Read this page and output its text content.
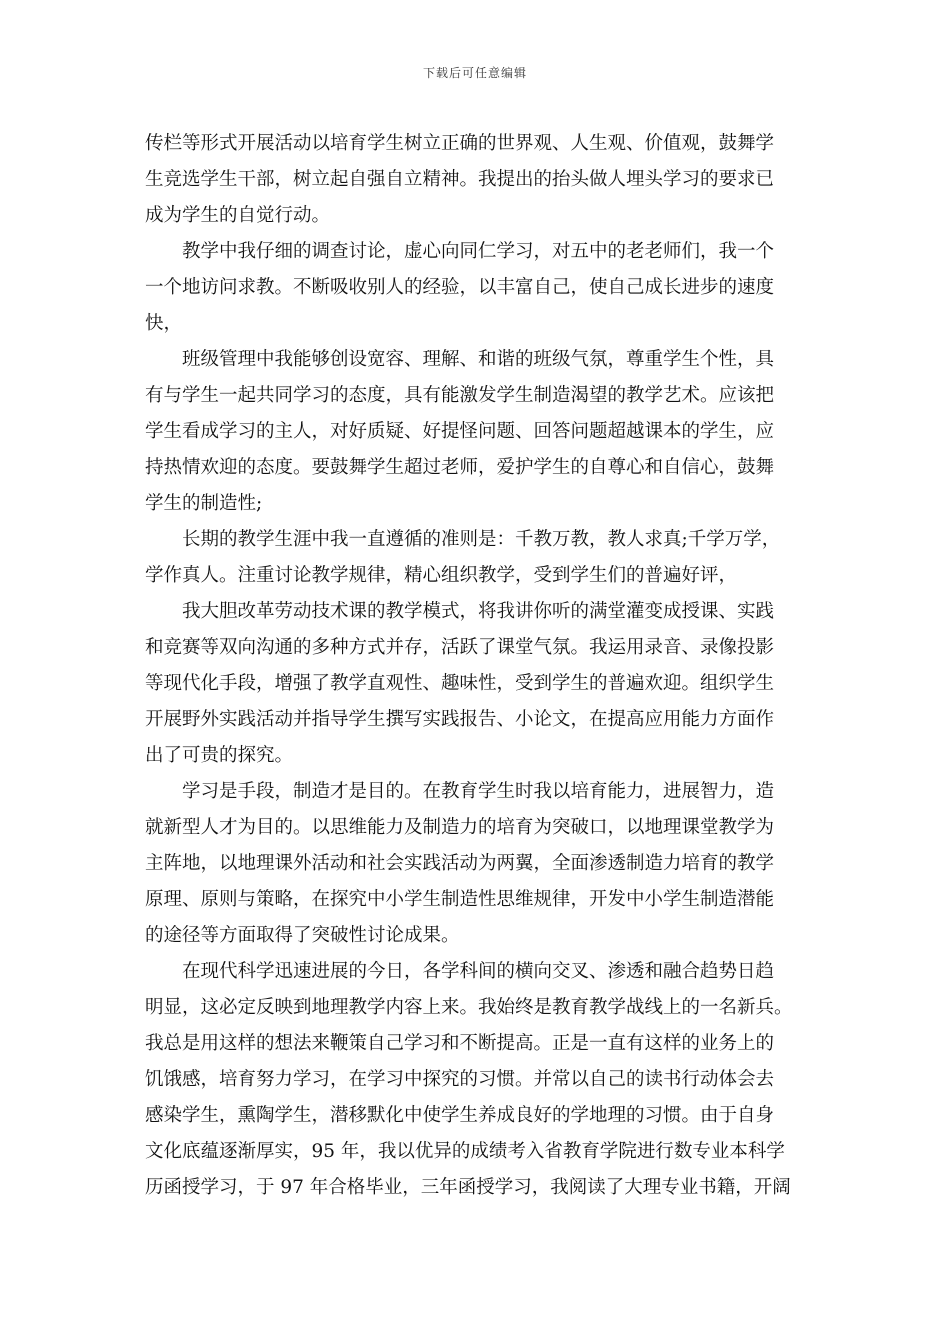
下载后可任意编辑
传栏等形式开展活动以培育学生树立正确的世界观、人生观、价值观，鼓舞学
生竞选学生干部，树立起自强自立精神。我提出的抬头做人埋头学习的要求已
成为学生的自觉行动。
教学中我仔细的调查讨论，虚心向同仁学习，对五中的老老师们，我一个
一个地访问求教。不断吸收别人的经验，以丰富自己，使自己成长进步的速度
快，
班级管理中我能够创设宽容、理解、和谐的班级气氛，尊重学生个性，具
有与学生一起共同学习的态度，具有能激发学生制造渴望的教学艺术。应该把
学生看成学习的主人，对好质疑、好提怪问题、回答问题超越课本的学生，应
持热情欢迎的态度。要鼓舞学生超过老师，爱护学生的自尊心和自信心，鼓舞
学生的制造性;
长期的教学生涯中我一直遵循的准则是：千教万教，教人求真;千学万学，
学作真人。注重讨论教学规律，精心组织教学，受到学生们的普遍好评，
我大胆改革劳动技术课的教学模式，将我讲你听的满堂灌变成授课、实践
和竞赛等双向沟通的多种方式并存，活跃了课堂气氛。我运用录音、录像投影
等现代化手段，增强了教学直观性、趣味性，受到学生的普遍欢迎。组织学生
开展野外实践活动并指导学生撰写实践报告、小论文，在提高应用能力方面作
出了可贵的探究。
学习是手段，制造才是目的。在教育学生时我以培育能力，进展智力，造
就新型人才为目的。以思维能力及制造力的培育为突破口，以地理课堂教学为
主阵地，以地理课外活动和社会实践活动为两翼，全面渗透制造力培育的教学
原理、原则与策略，在探究中小学生制造性思维规律，开发中小学生制造潜能
的途径等方面取得了突破性讨论成果。
在现代科学迅速进展的今日，各学科间的横向交叉、渗透和融合趋势日趋
明显，这必定反映到地理教学内容上来。我始终是教育教学战线上的一名新兵。
我总是用这样的想法来鞭策自己学习和不断提高。正是一直有这样的业务上的
饥饿感，培育努力学习，在学习中探究的习惯。并常以自己的读书行动体会去
感染学生，熏陶学生，潜移默化中使学生养成良好的学地理的习惯。由于自身
文化底蕴逐渐厚实，95 年，我以优异的成绩考入省教育学院进行数专业本科学
历函授学习，于 97 年合格毕业，三年函授学习，我阅读了大理专业书籍，开阔
